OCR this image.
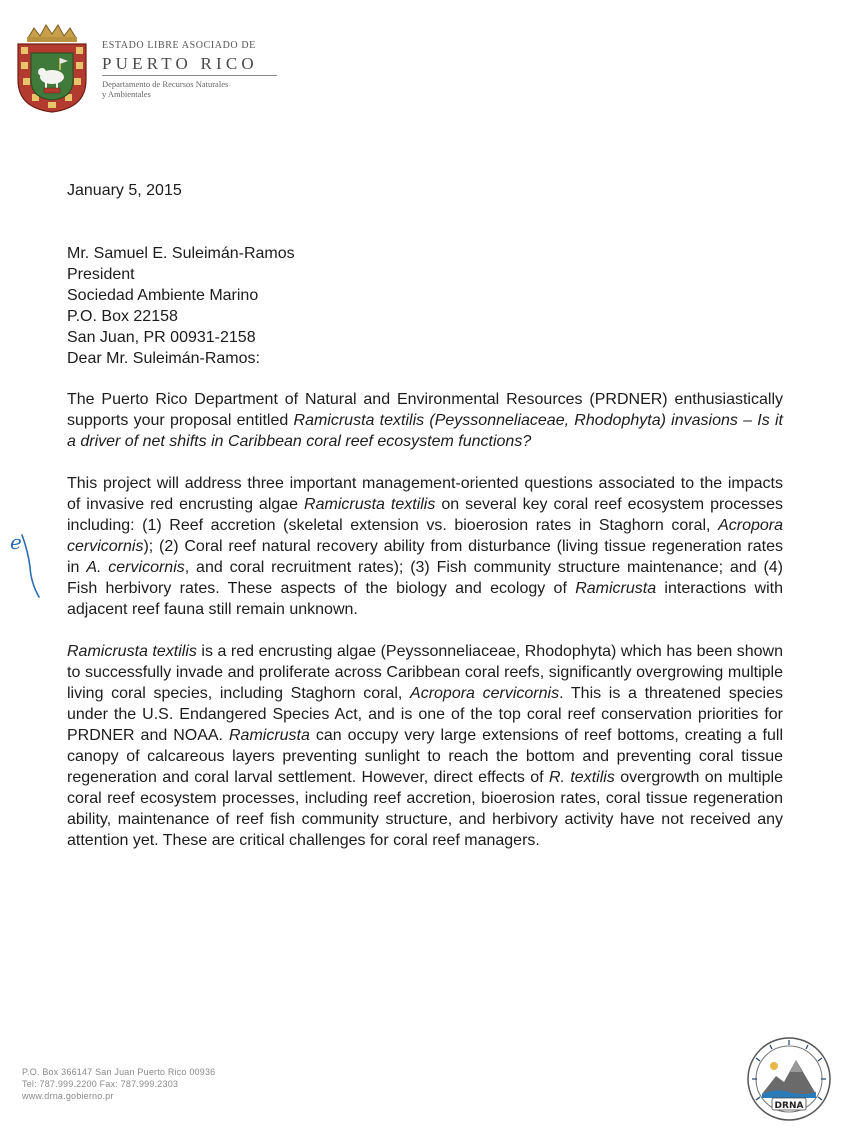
ESTADO LIBRE ASOCIADO DE
PUERTO RICO
Departamento de Recursos Naturales
y Ambientales
e

January 5, 2015

Mr. Samuel E. Suleimán-Ramos

President

Sociedad Ambiente Marino

P.O. Box 22158

San Juan, PR 00931-2158

Dear Mr. Suleimán-Ramos:

The Puerto Rico Department of Natural and Environmental Resources (PRDNER) enthusiastically supports your proposal entitled Ramicrusta textilis (Peyssonneliaceae, Rhodophyta) invasions – Is it a driver of net shifts in Caribbean coral reef ecosystem functions?

This project will address three important management-oriented questions associated to the impacts of invasive red encrusting algae Ramicrusta textilis on several key coral reef ecosystem processes including: (1) Reef accretion (skeletal extension vs. bioerosion rates in Staghorn coral, Acropora cervicornis); (2) Coral reef natural recovery ability from disturbance (living tissue regeneration rates in A. cervicornis, and coral recruitment rates); (3) Fish community structure maintenance; and (4) Fish herbivory rates. These aspects of the biology and ecology of Ramicrusta interactions with adjacent reef fauna still remain unknown.

Ramicrusta textilis is a red encrusting algae (Peyssonneliaceae, Rhodophyta) which has been shown to successfully invade and proliferate across Caribbean coral reefs, significantly overgrowing multiple living coral species, including Staghorn coral, Acropora cervicornis. This is a threatened species under the U.S. Endangered Species Act, and is one of the top coral reef conservation priorities for PRDNER and NOAA. Ramicrusta can occupy very large extensions of reef bottoms, creating a full canopy of calcareous layers preventing sunlight to reach the bottom and preventing coral tissue regeneration and coral larval settlement. However, direct effects of R. textilis overgrowth on multiple coral reef ecosystem processes, including reef accretion, bioerosion rates, coral tissue regeneration ability, maintenance of reef fish community structure, and herbivory activity have not received any attention yet. These are critical challenges for coral reef managers.

P.O. Box 366147 San Juan Puerto Rico 00936
Tel: 787.999.2200 Fax: 787.999.2303
www.drna.gobierno.pr
DRNA
